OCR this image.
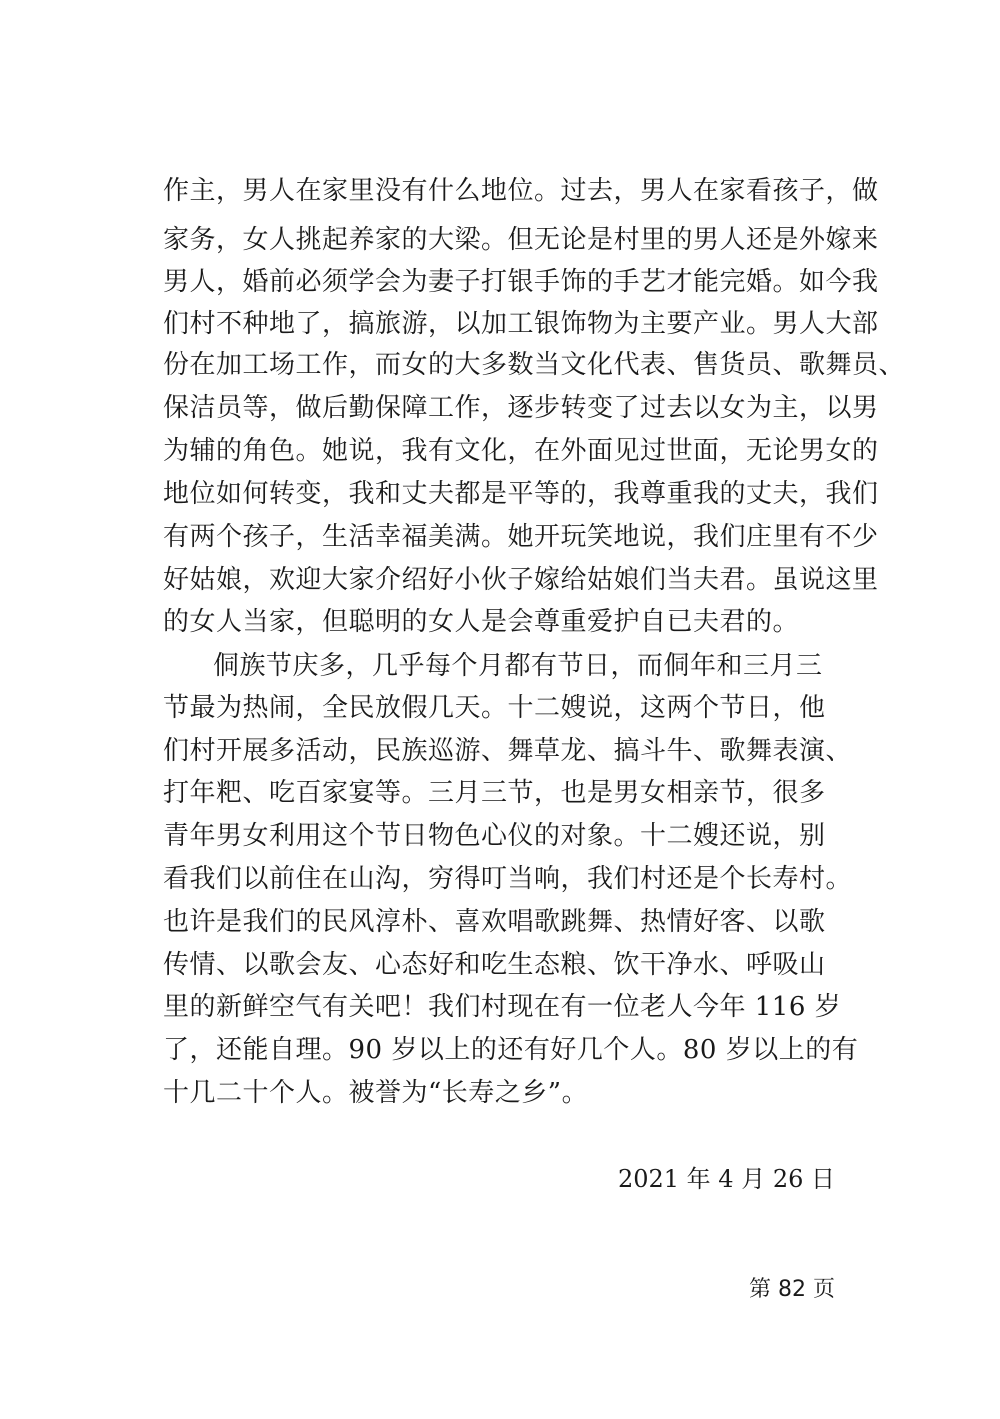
作主，男人在家里没有什么地位。过去，男人在家看孩子，做
家务，女人挑起养家的大梁。但无论是村里的男人还是外嫁来
男人，婚前必须学会为妻子打银手饰的手艺才能完婚。如今我
们村不种地了，搞旅游，以加工银饰物为主要产业。男人大部
份在加工场工作，而女的大多数当文化代表、售货员、歌舞员、
保洁员等，做后勤保障工作，逐步转变了过去以女为主，以男
为辅的角色。她说，我有文化，在外面见过世面，无论男女的
地位如何转变，我和丈夫都是平等的，我尊重我的丈夫，我们
有两个孩子，生活幸福美满。她开玩笑地说，我们庄里有不少
好姑娘，欢迎大家介绍好小伙子嫁给姑娘们当夫君。虽说这里
的女人当家，但聪明的女人是会尊重爱护自已夫君的。
侗族节庆多，几乎每个月都有节日，而侗年和三月三
节最为热闹，全民放假几天。十二嫂说，这两个节日，他
们村开展多活动，民族巡游、舞草龙、搞斗牛、歌舞表演、
打年粑、吃百家宴等。三月三节，也是男女相亲节，很多
青年男女利用这个节日物色心仪的对象。十二嫂还说，别
看我们以前住在山沟，穷得叮当响，我们村还是个长寿村。
也许是我们的民风淳朴、喜欢唱歌跳舞、热情好客、以歌
传情、以歌会友、心态好和吃生态粮、饮干净水、呼吸山
里的新鲜空气有关吧！我们村现在有一位老人今年 116 岁
了，还能自理。90 岁以上的还有好几个人。80 岁以上的有
十几二十个人。被誉为“长寿之乡”。
2021 年 4 月 26 日
第 82 页
